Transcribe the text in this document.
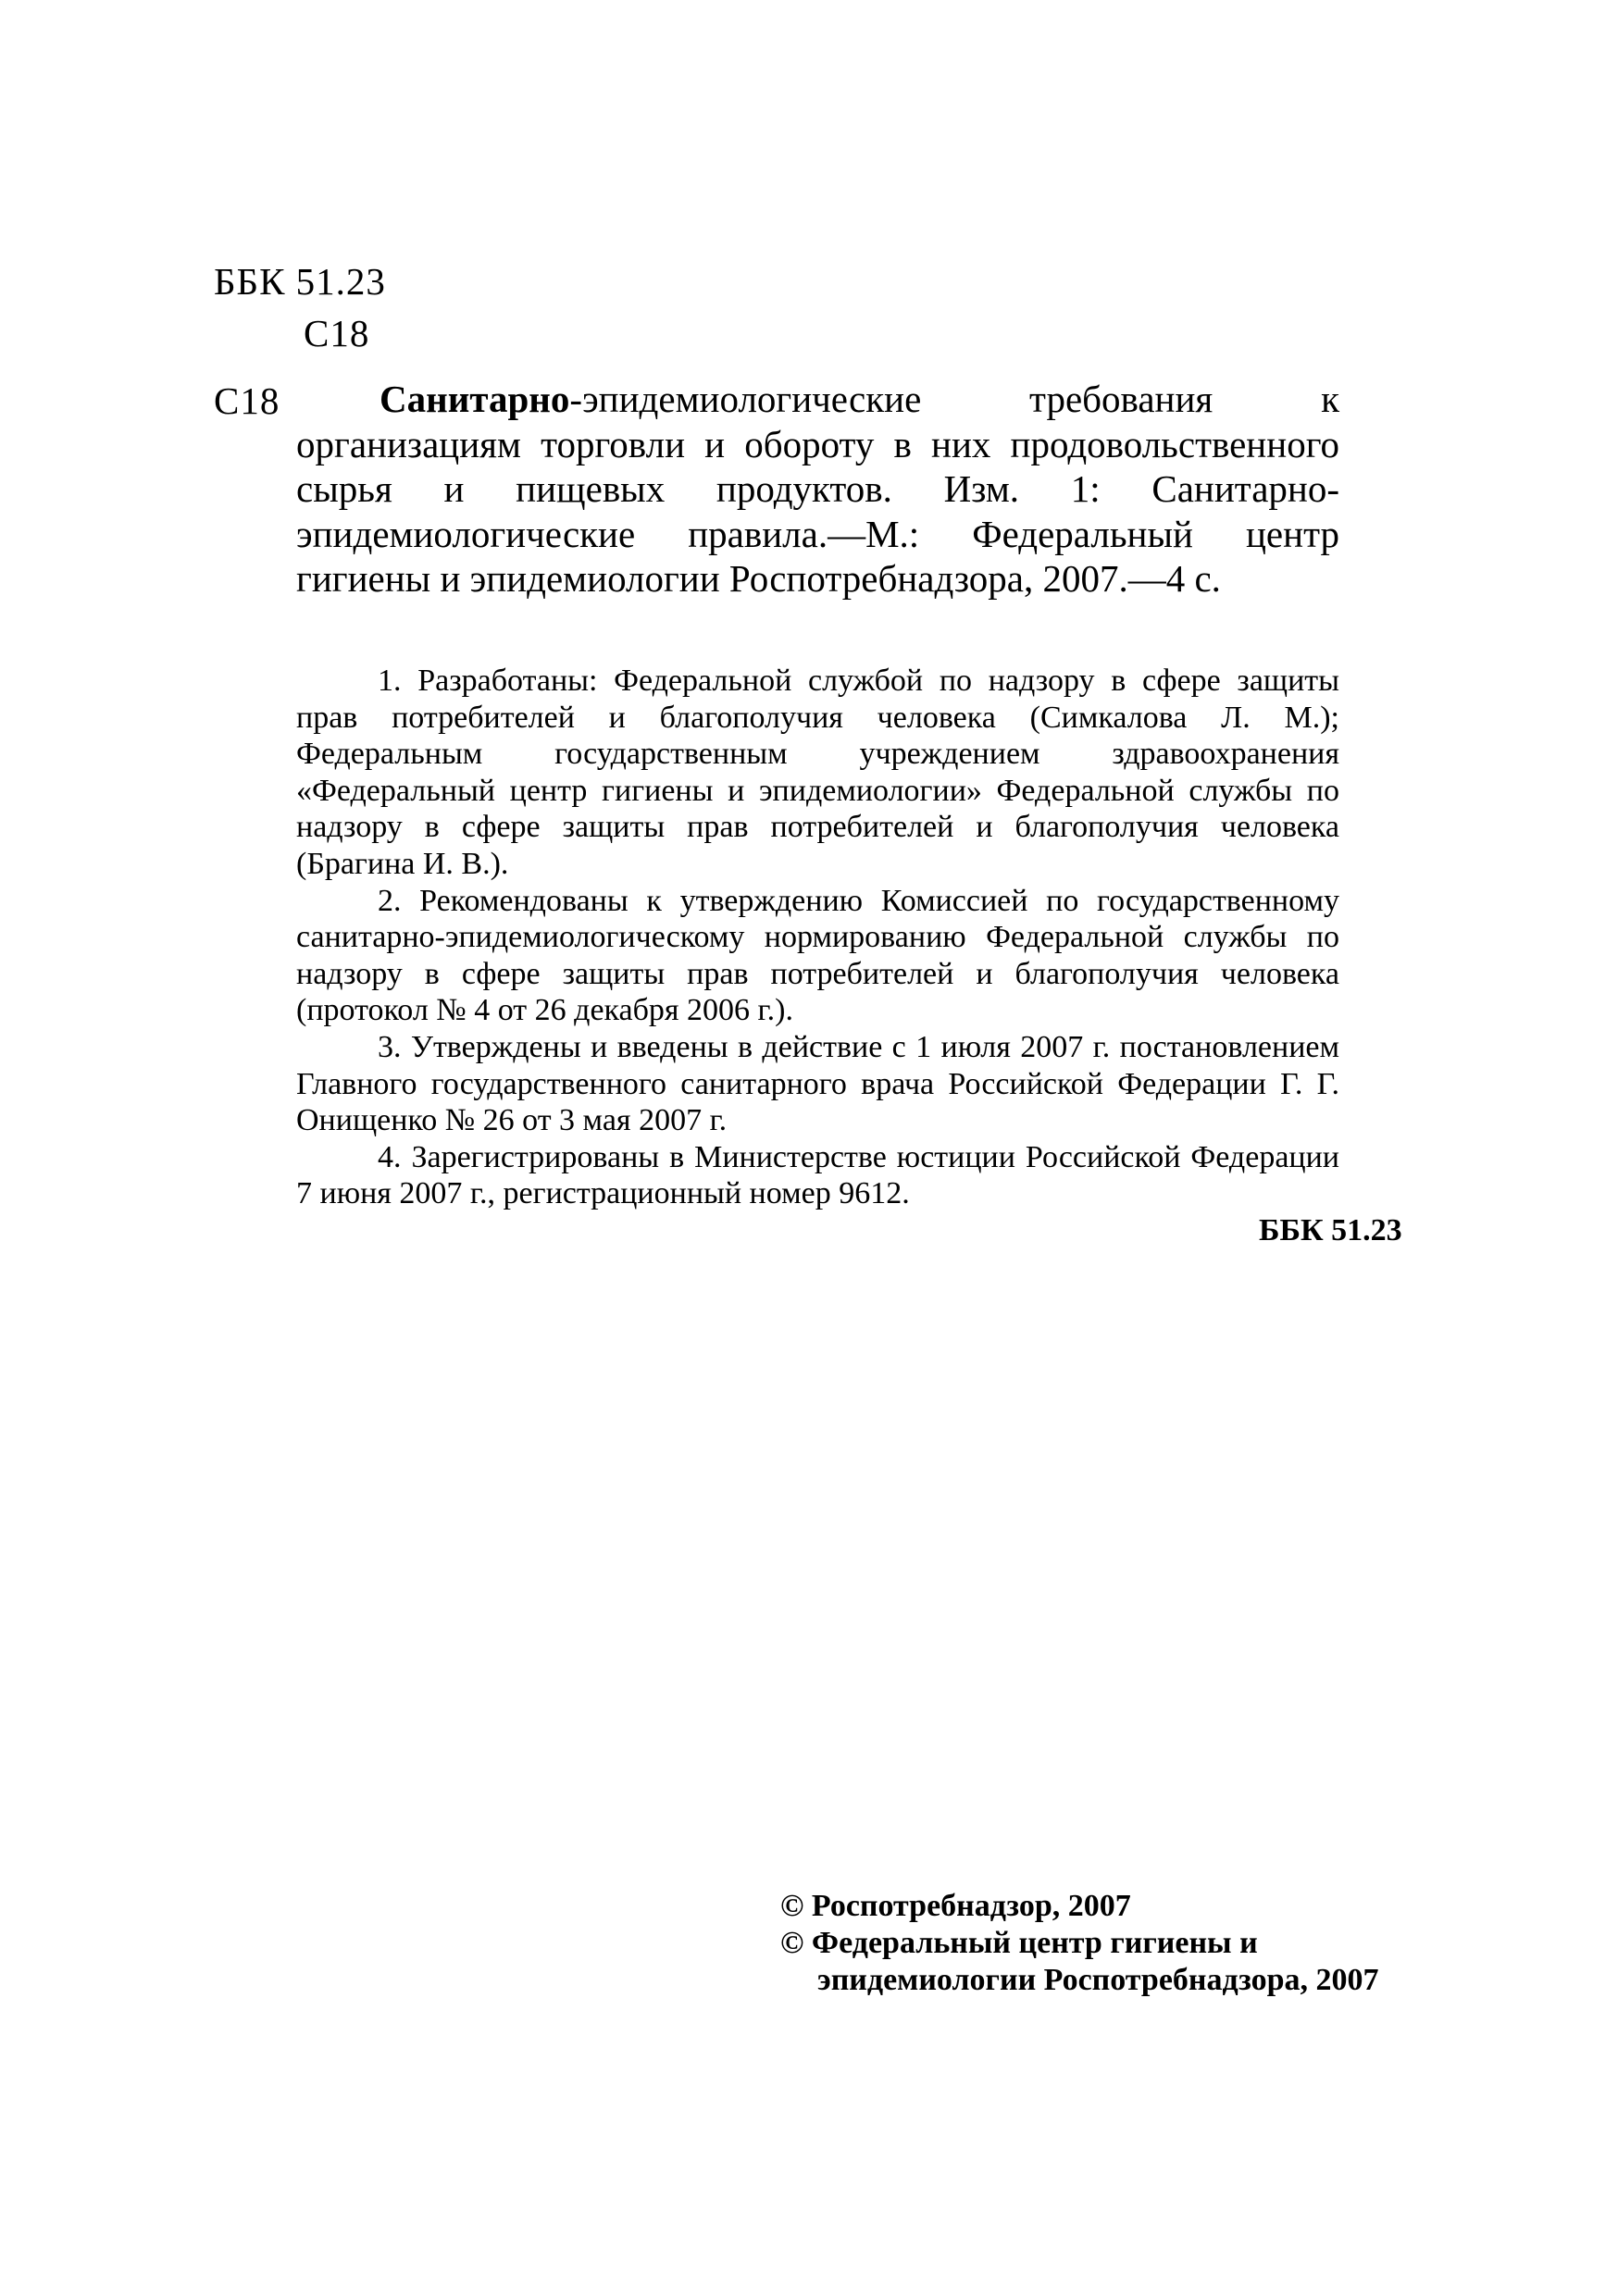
ББК 51.23
С18
С18	Санитарно-эпидемиологические требования к организациям торговли и обороту в них продовольственного сырья и пищевых продуктов. Изм. 1: Санитарно-эпидемиологические правила.—М.: Федеральный центр гигиены и эпидемиологии Роспотребнадзора, 2007.—4 с.

1. Разработаны: Федеральной службой по надзору в сфере защиты прав потребителей и благополучия человека (Симкалова Л. М.); Федеральным государственным учреждением здравоохранения «Федеральный центр гигиены и эпидемиологии» Федеральной службы по надзору в сфере защиты прав потребителей и благополучия человека (Брагина И. В.).

2. Рекомендованы к утверждению Комиссией по государственному санитарно-эпидемиологическому нормированию Федеральной службы по надзору в сфере защиты прав потребителей и благополучия человека (протокол № 4 от 26 декабря 2006 г.).

3. Утверждены и введены в действие с 1 июля 2007 г. постановлением Главного государственного санитарного врача Российской Федерации Г. Г. Онищенко № 26 от 3 мая 2007 г.

4. Зарегистрированы в Министерстве юстиции Российской Федерации 7 июня 2007 г., регистрационный номер 9612.

ББК 51.23
© Роспотребнадзор, 2007
© Федеральный центр гигиены и
эпидемиологии Роспотребнадзора, 2007
